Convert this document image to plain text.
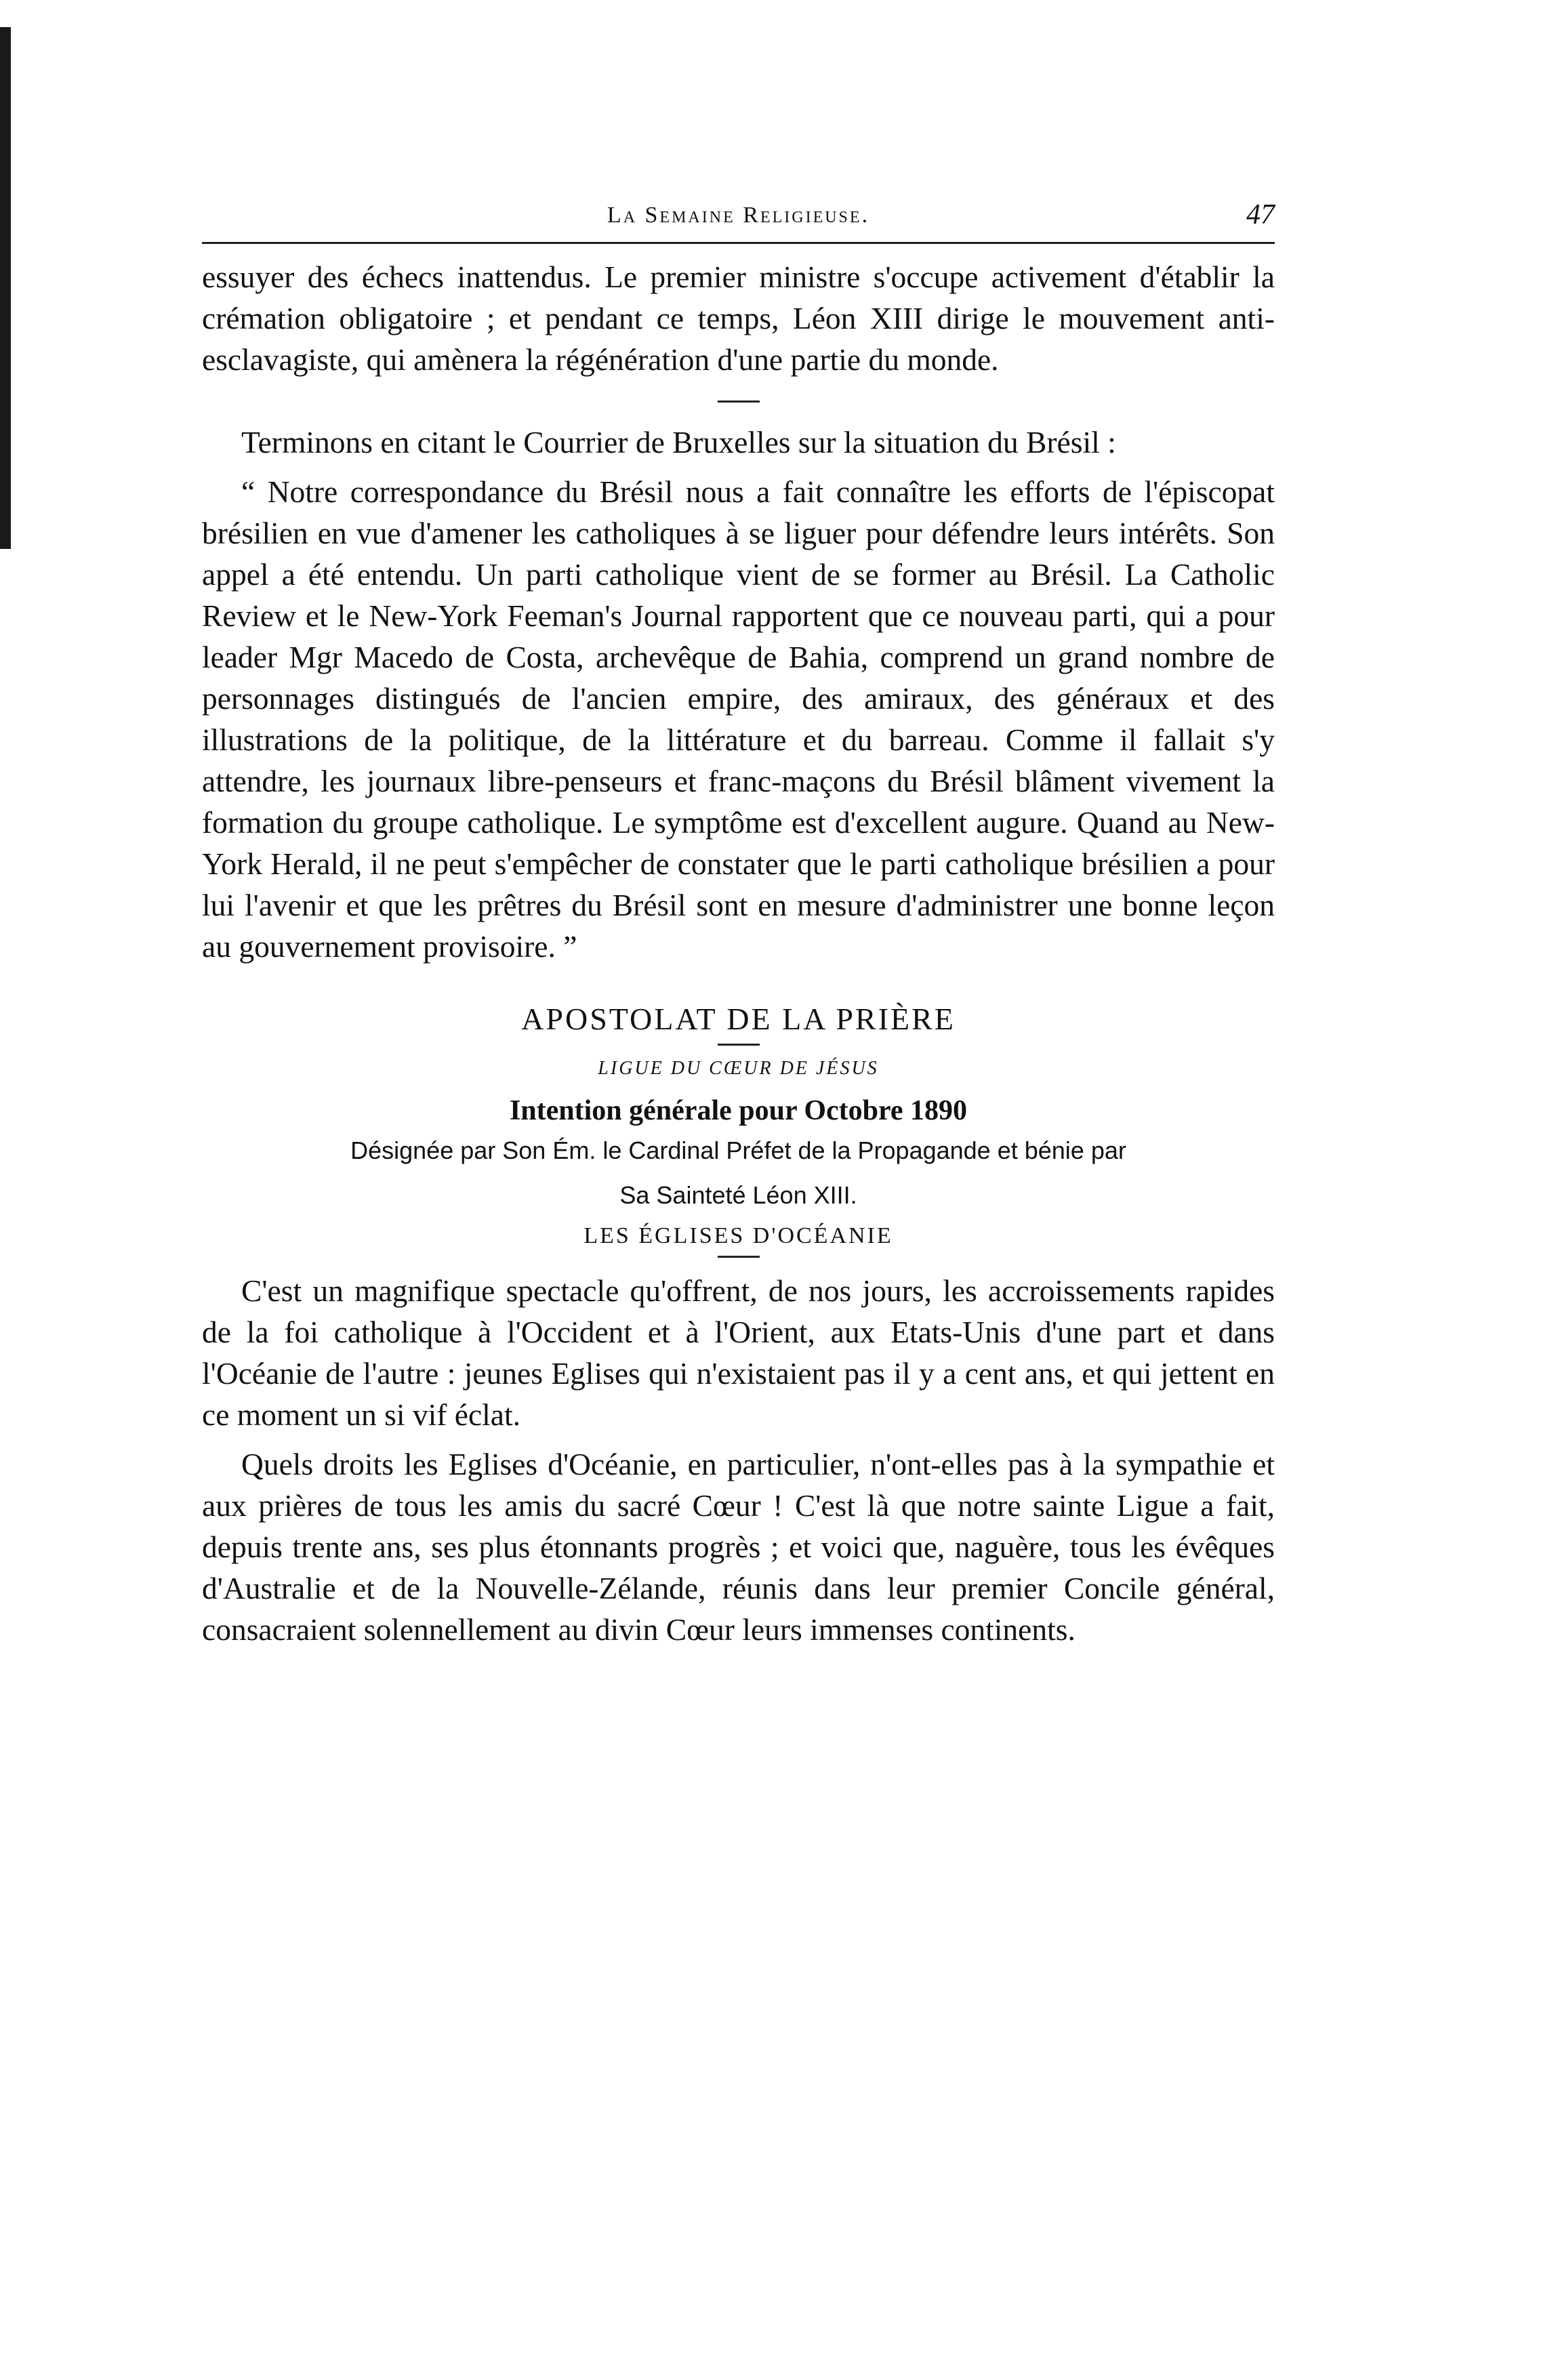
La Semaine Religieuse.	47

essuyer des échecs inattendus. Le premier ministre s'occupe activement d'établir la crémation obligatoire ; et pendant ce temps, Léon XIII dirige le mouvement anti-esclavagiste, qui amènera la régénération d'une partie du monde.

Terminons en citant le Courrier de Bruxelles sur la situation du Brésil :

“ Notre correspondance du Brésil nous a fait connaître les efforts de l'épiscopat brésilien en vue d'amener les catholiques à se liguer pour défendre leurs intérêts. Son appel a été entendu. Un parti catholique vient de se former au Brésil. La Catholic Review et le New-York Feeman's Journal rapportent que ce nouveau parti, qui a pour leader Mgr Macedo de Costa, archevêque de Bahia, comprend un grand nombre de personnages distingués de l'ancien empire, des amiraux, des généraux et des illustrations de la politique, de la littérature et du barreau. Comme il fallait s'y attendre, les journaux libre-penseurs et franc-maçons du Brésil blâment vivement la formation du groupe catholique. Le symptôme est d'excellent augure. Quand au New-York Herald, il ne peut s'empêcher de constater que le parti catholique brésilien a pour lui l'avenir et que les prêtres du Brésil sont en mesure d'administrer une bonne leçon au gouvernement provisoire. ”

APOSTOLAT DE LA PRIÈRE
LIGUE DU CŒUR DE JÉSUS
Intention générale pour Octobre 1890
Désignée par Son Ém. le Cardinal Préfet de la Propagande et bénie par
Sa Sainteté Léon XIII.
LES ÉGLISES D'OCÉANIE

C'est un magnifique spectacle qu'offrent, de nos jours, les accroissements rapides de la foi catholique à l'Occident et à l'Orient, aux Etats-Unis d'une part et dans l'Océanie de l'autre : jeunes Eglises qui n'existaient pas il y a cent ans, et qui jettent en ce moment un si vif éclat.

Quels droits les Eglises d'Océanie, en particulier, n'ont-elles pas à la sympathie et aux prières de tous les amis du sacré Cœur ! C'est là que notre sainte Ligue a fait, depuis trente ans, ses plus étonnants progrès ; et voici que, naguère, tous les évêques d'Australie et de la Nouvelle-Zélande, réunis dans leur premier Concile général, consacraient solennellement au divin Cœur leurs immenses continents.
